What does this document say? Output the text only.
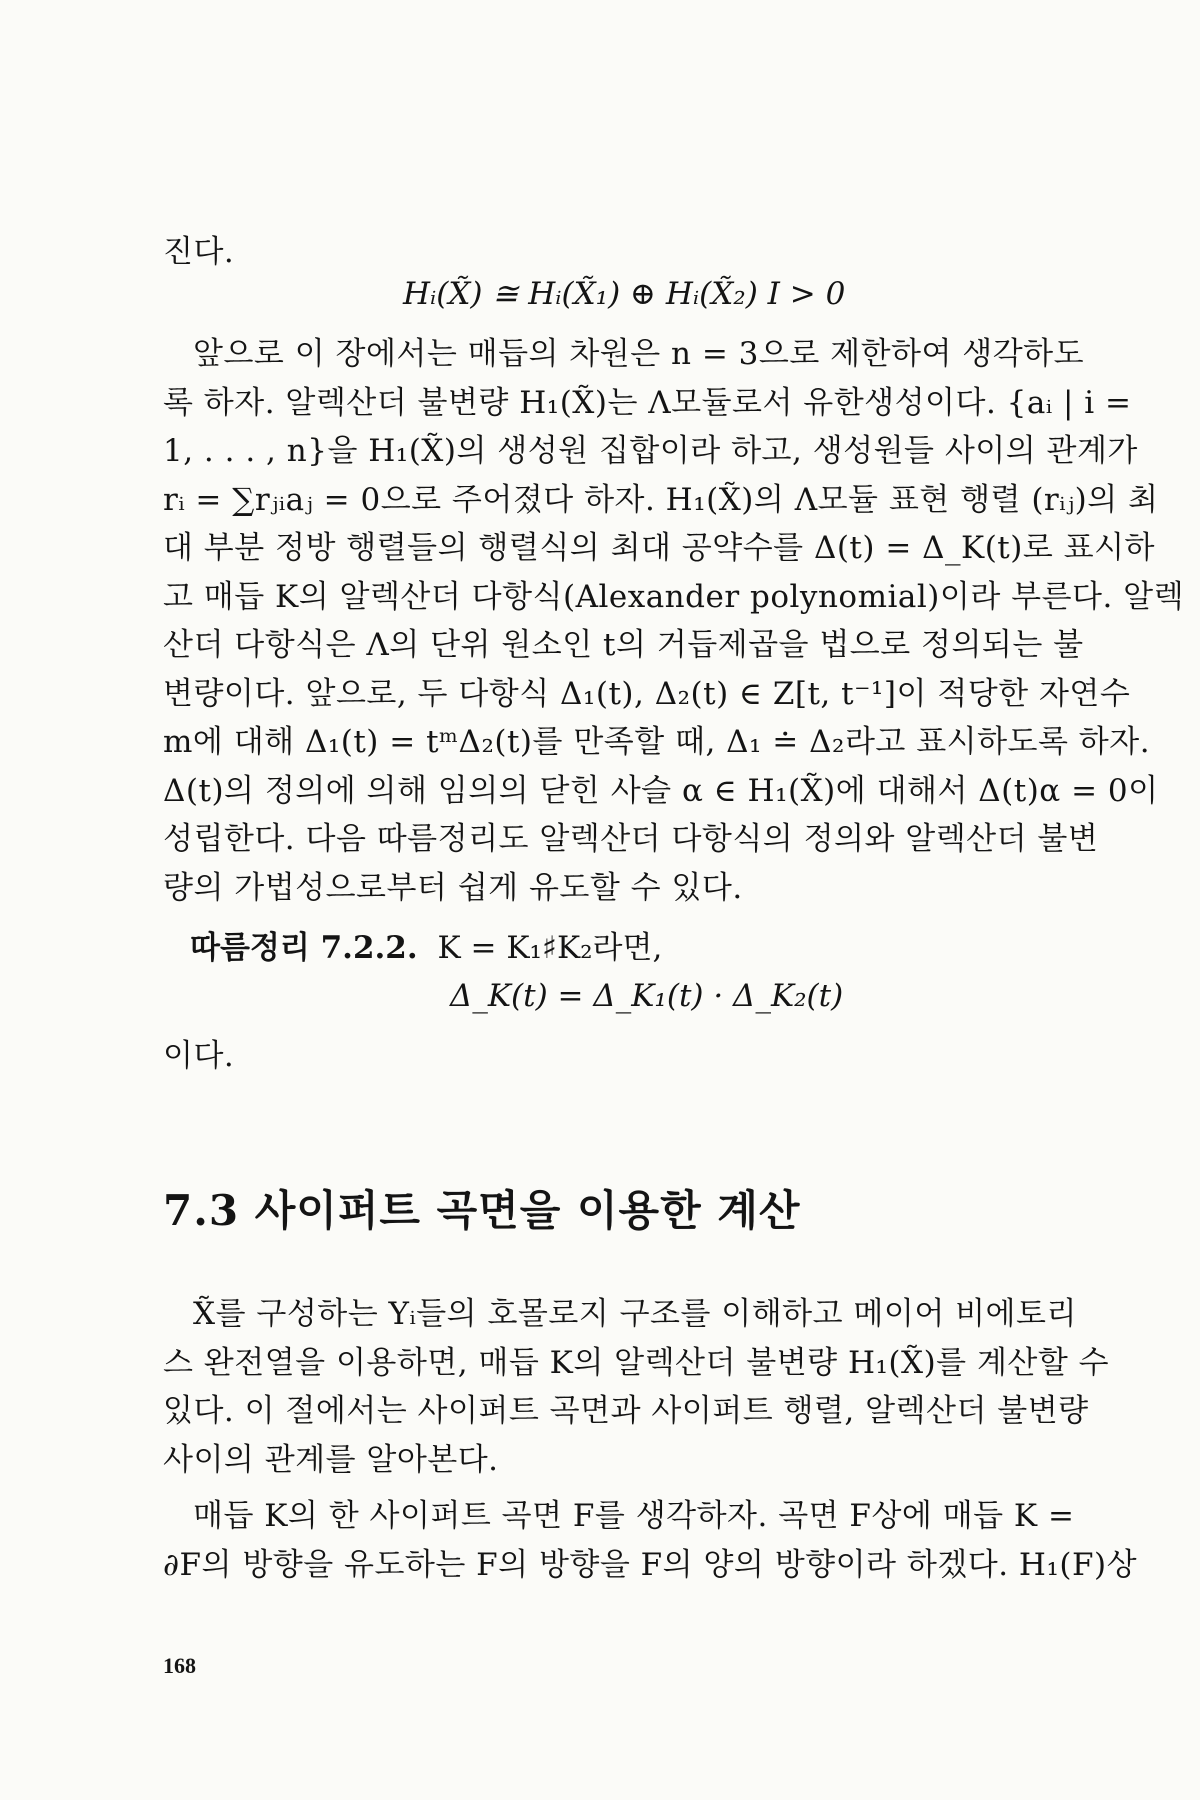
진다.
Hᵢ(X̃) ≅ Hᵢ(X̃₁) ⊕ Hᵢ(X̃₂) I > 0
앞으로 이 장에서는 매듭의 차원은 n = 3으로 제한하여 생각하도
록 하자. 알렉산더 불변량 H₁(X̃)는 Λ모듈로서 유한생성이다. {aᵢ | i =
1, . . . , n}을 H₁(X̃)의 생성원 집합이라 하고, 생성원들 사이의 관계가
rᵢ = ∑rⱼᵢaⱼ = 0으로 주어졌다 하자. H₁(X̃)의 Λ모듈 표현 행렬 (rᵢⱼ)의 최
대 부분 정방 행렬들의 행렬식의 최대 공약수를 Δ(t) = Δ_K(t)로 표시하
고 매듭 K의 알렉산더 다항식(Alexander polynomial)이라 부른다. 알렉
산더 다항식은 Λ의 단위 원소인 t의 거듭제곱을 법으로 정의되는 불
변량이다. 앞으로, 두 다항식 Δ₁(t), Δ₂(t) ∈ Z[t, t⁻¹]이 적당한 자연수
m에 대해 Δ₁(t) = tᵐΔ₂(t)를 만족할 때, Δ₁ ≐ Δ₂라고 표시하도록 하자.
Δ(t)의 정의에 의해 임의의 닫힌 사슬 α ∈ H₁(X̃)에 대해서 Δ(t)α = 0이
성립한다. 다음 따름정리도 알렉산더 다항식의 정의와 알렉산더 불변
량의 가법성으로부터 쉽게 유도할 수 있다.
따름정리 7.2.2. K = K₁♯K₂라면,
Δ_K(t) = Δ_K₁(t) · Δ_K₂(t)
이다.
7.3 사이퍼트 곡면을 이용한 계산
X̃를 구성하는 Yᵢ들의 호몰로지 구조를 이해하고 메이어 비에토리
스 완전열을 이용하면, 매듭 K의 알렉산더 불변량 H₁(X̃)를 계산할 수
있다. 이 절에서는 사이퍼트 곡면과 사이퍼트 행렬, 알렉산더 불변량
사이의 관계를 알아본다.
매듭 K의 한 사이퍼트 곡면 F를 생각하자. 곡면 F상에 매듭 K =
∂F의 방향을 유도하는 F의 방향을 F의 양의 방향이라 하겠다. H₁(F)상
168
